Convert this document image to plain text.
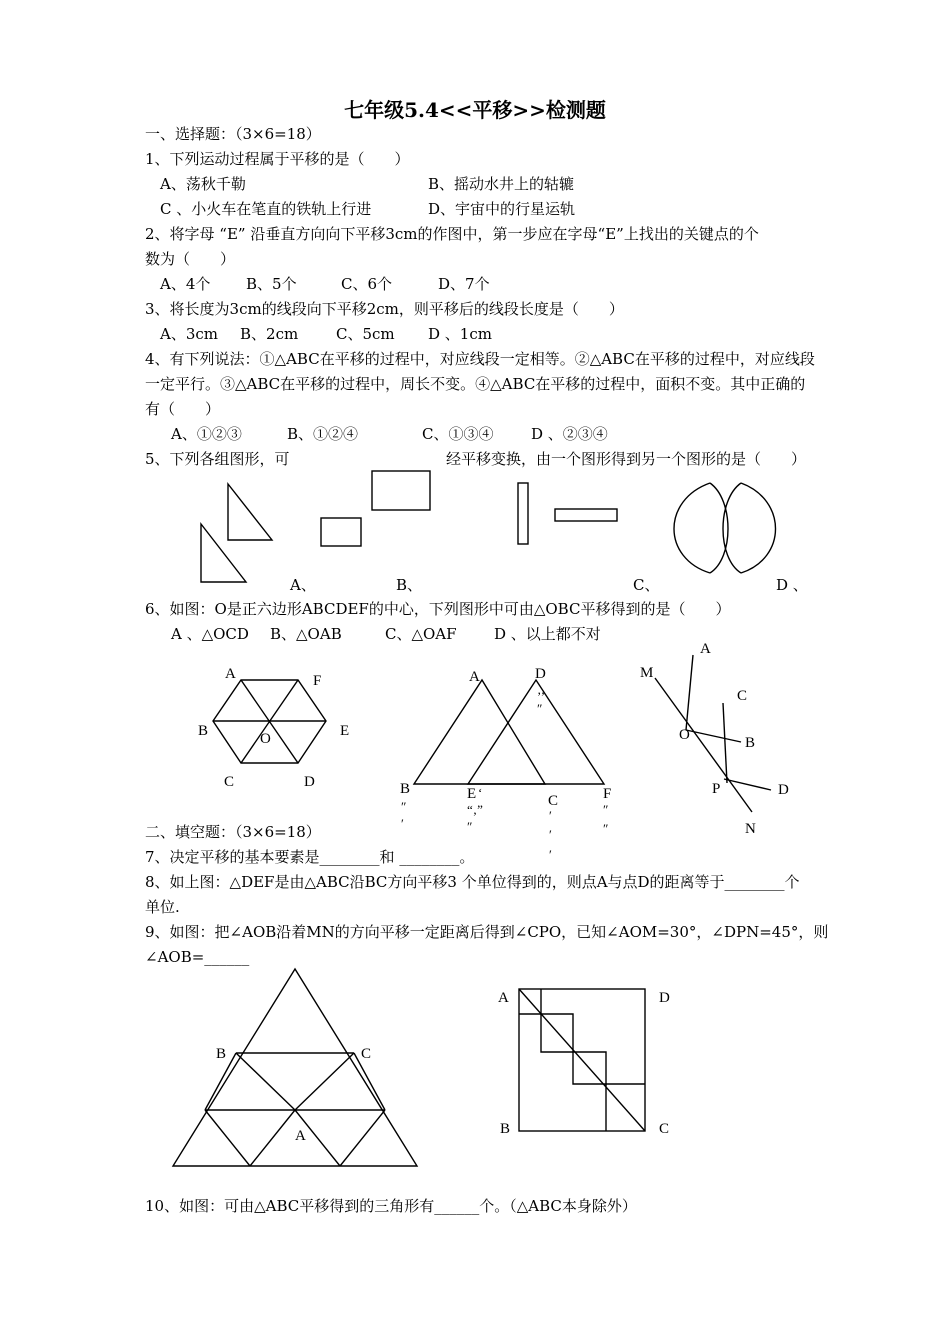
七年级5.4<<平移>>检测题
一、选择题：（3×6=18）
1、下列运动过程属于平移的是（　　）
A、荡秋千勒	B、摇动水井上的轱辘
C 、小火车在笔直的铁轨上行进	D、宇宙中的行星运轨
2、将字母 “E” 沿垂直方向向下平移3cm的作图中，第一步应在字母“E”上找出的关键点的个
数为（　　）
A、4个 B、5个	C、6个	D、7个
3、将长度为3cm的线段向下平移2cm，则平移后的线段长度是（　　）
A、3cm B、2cm	C、5cm D 、1cm
4、有下列说法：①△ABC在平移的过程中，对应线段一定相等。②△ABC在平移的过程中，对应线段
一定平行。③△ABC在平移的过程中，周长不变。④△ABC在平移的过程中，面积不变。其中正确的
有（　　）
A、①②③	B、①②④	C、①③④	D 、②③④
5、下列各组图形，可	经平移变换，由一个图形得到另一个图形的是（　　）
A、	B、	C、	D 、
6、如图：O是正六边形ABCDEF的中心，下列图形中可由△OBC平移得到的是（　　）
A 、△OCD B、△OAB	C、△OAF D 、以上都不对
A	F
B	O	E
C	D
A	D
B	E	C	F
‚,
″
″
′
“‚”
″
′
′
′
″
″
‘
A
M
C
O	B
P	D
N
二、填空题：（3×6=18）
7、决定平移的基本要素是________和 ________。
8、如上图：△DEF是由△ABC沿BC方向平移3 个单位得到的，则点A与点D的距离等于________个
单位.
9、如图：把∠AOB沿着MN的方向平移一定距离后得到∠CPO，已知∠AOM=30°，∠DPN=45°，则
∠AOB=______
B	C
A
A	D
B	C
10、如图：可由△ABC平移得到的三角形有______个。（△ABC本身除外）
